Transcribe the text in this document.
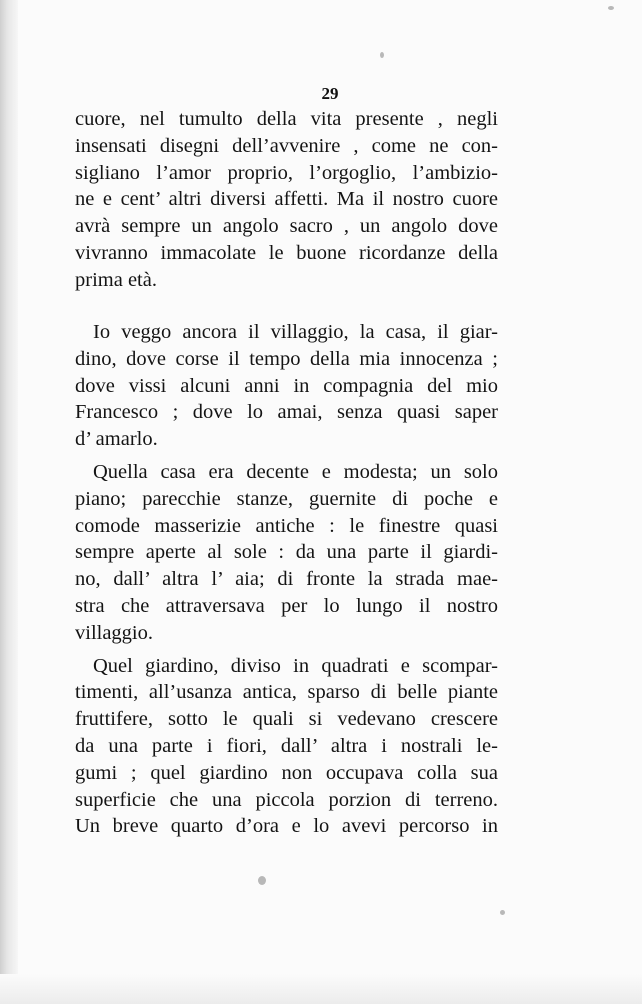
29
cuore, nel tumulto della vita presente , negli
insensati disegni dell’avvenire , come ne con-
sigliano l’amor proprio, l’orgoglio, l’ambizio-
ne e cent’ altri diversi affetti. Ma il nostro cuore
avrà sempre un angolo sacro , un angolo dove
vivranno immacolate le buone ricordanze della
prima età.
Io veggo ancora il villaggio, la casa, il giar-
dino, dove corse il tempo della mia innocenza ;
dove vissi alcuni anni in compagnia del mio
Francesco ; dove lo amai, senza quasi saper
d’ amarlo.
Quella casa era decente e modesta; un solo
piano; parecchie stanze, guernite di poche e
comode masserizie antiche : le finestre quasi
sempre aperte al sole : da una parte il giardi-
no, dall’ altra l’ aia; di fronte la strada mae-
stra che attraversava per lo lungo il nostro
villaggio.
Quel giardino, diviso in quadrati e scompar-
timenti, all’usanza antica, sparso di belle piante
fruttifere, sotto le quali si vedevano crescere
da una parte i fiori, dall’ altra i nostrali le-
gumi ; quel giardino non occupava colla sua
superficie che una piccola porzion di terreno.
Un breve quarto d’ora e lo avevi percorso in
